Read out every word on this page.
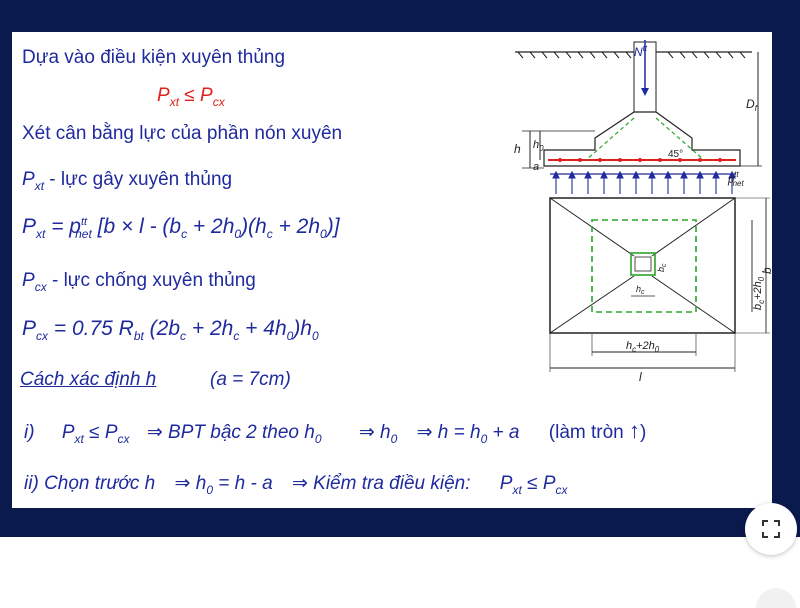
Dựa vào điều kiện xuyên thủng
$P_{xt} \le P_{cx}$
Xét cân bằng lực của phần nón xuyên
$P_{xt}$ - lực gây xuyên thủng
$P_{xt} = p^{tt}_{net}$ $[b \times l - (b_c + 2h_0)(h_c + 2h_0)]$
$P_{cx}$ - lực chống xuyên thủng
$P_{cx} = 0.75$ $R_{bt}$ $(2b_c + 2h_c + 4h_0)h_0$
Cách xác định h	(a = 7cm)
i) $P_{xt} \le P_{cx}$ ⇒ BPT bậc 2 theo $h_0$ ⇒ $h_0$ ⇒ $h = h_0 + a$ (làm tròn ↑)
ii) Chọn trước h ⇒ $h_0 = h - a$ ⇒ Kiểm tra điều kiện: $P_{xt} \le P_{cx}$
$N^{tt}$
45°
h $h_0$
a
$D_f$
$p^{tt}_{net}$
$b_c+2h_0$
b
$b_c$
$h_c$
$h_c+2h_0$
l
